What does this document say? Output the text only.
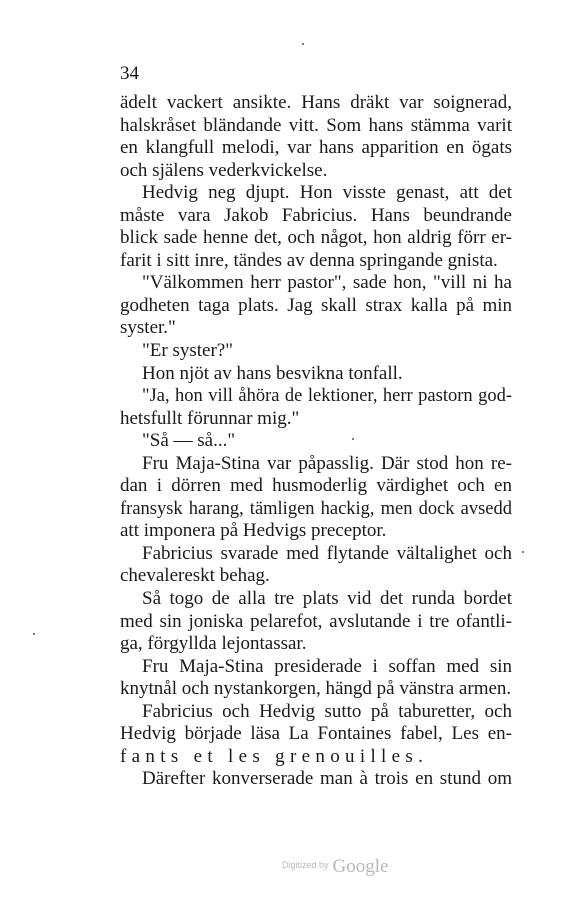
34
ädelt vackert ansikte. Hans dräkt var soignerad,
halskråset bländande vitt. Som hans stämma varit
en klangfull melodi, var hans apparition en ögats
och själens vederkvickelse.
Hedvig neg djupt. Hon visste genast, att det
måste vara Jakob Fabricius. Hans beundrande
blick sade henne det, och något, hon aldrig förr er-
farit i sitt inre, tändes av denna springande gnista.
"Välkommen herr pastor", sade hon, "vill ni ha
godheten taga plats. Jag skall strax kalla på min
syster."
"Er syster?"
Hon njöt av hans besvikna tonfall.
"Ja, hon vill åhöra de lektioner, herr pastorn god-
hetsfullt förunnar mig."
"Så — så..."
Fru Maja-Stina var påpasslig. Där stod hon re-
dan i dörren med husmoderlig värdighet och en
fransysk harang, tämligen hackig, men dock avsedd
att imponera på Hedvigs preceptor.
Fabricius svarade med flytande vältalighet och
chevalereskt behag.
Så togo de alla tre plats vid det runda bordet
med sin joniska pelarefot, avslutande i tre ofantli-
ga, förgyllda lejontassar.
Fru Maja-Stina presiderade i soffan med sin
knytnål och nystankorgen, hängd på vänstra armen.
Fabricius och Hedvig sutto på taburetter, och
Hedvig började läsa La Fontaines fabel, Les en-
fants et les grenouilles.
Därefter konverserade man à trois en stund om
$^{Digitized by}$ Google
